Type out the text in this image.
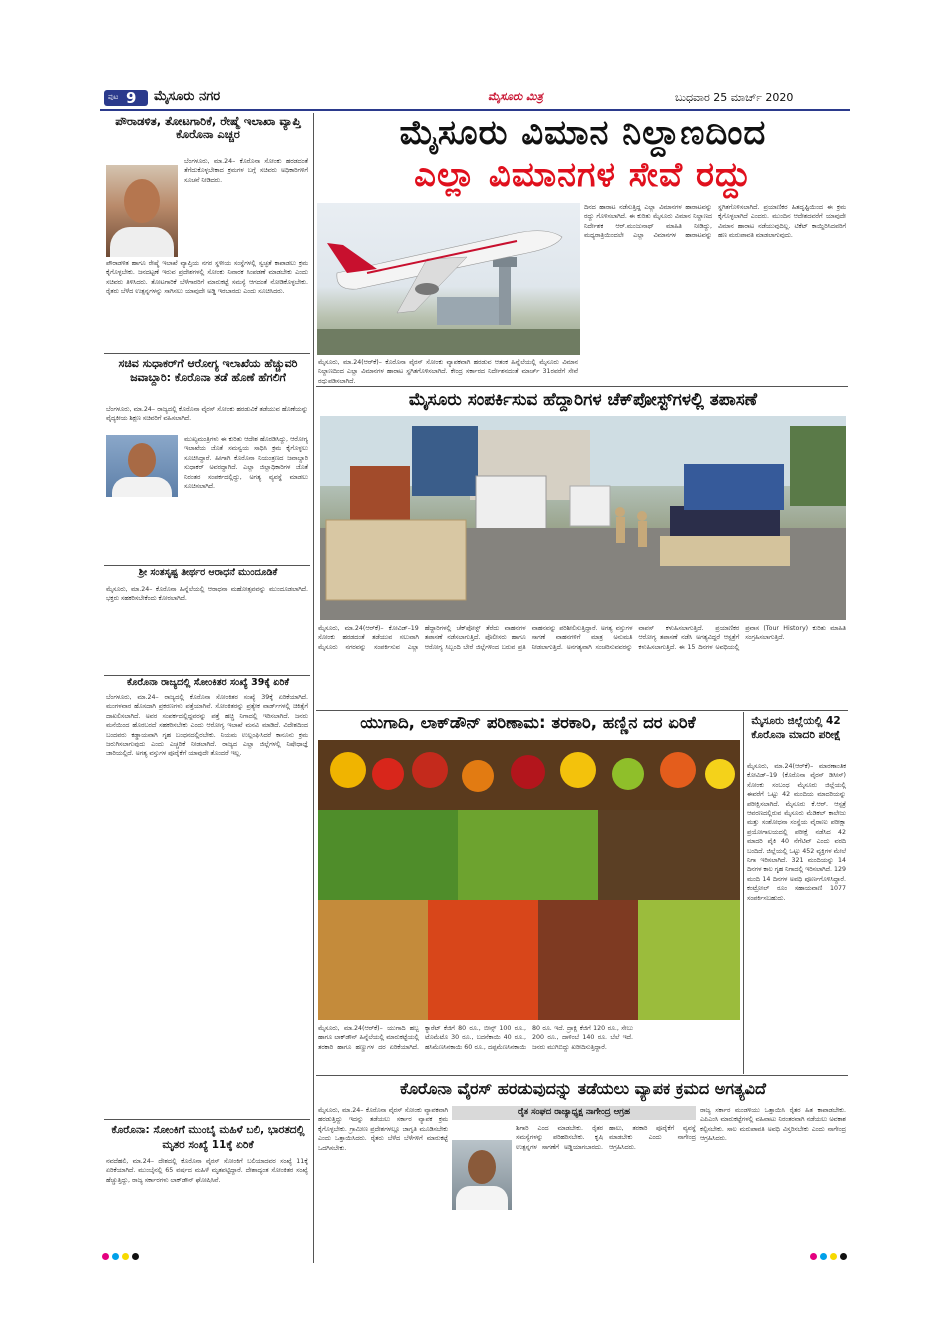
ಪುಟ 9 ಮೈಸೂರು ನಗರ	ಮೈಸೂರು ಮಿತ್ರ	ಬುಧವಾರ 25 ಮಾರ್ಚ್ 2020
ಪೌರಾಡಳಿತ, ತೋಟಗಾರಿಕೆ, ರೇಷ್ಮೆ ಇಲಾಖಾ ವ್ಯಾಪ್ತಿ ಕೊರೊನಾ ಎಚ್ಚರ
ಬೆಂಗಳೂರು, ಮಾ.24– ಕೊರೊನಾ ಸೋಂಕು ಹರಡದಂತೆ ತೆಗೆದುಕೊಳ್ಳಬೇಕಾದ ಕ್ರಮಗಳ ಬಗ್ಗೆ ಸಚಿವರು ಅಧಿಕಾರಿಗಳಿಗೆ ಸೂಚನೆ ನೀಡಿದರು.
ಪೌರಾಡಳಿತ ಹಾಗೂ ರೇಷ್ಮೆ ಇಲಾಖೆ ವ್ಯಾಪ್ತಿಯ ನಗರ ಸ್ಥಳೀಯ ಸಂಸ್ಥೆಗಳಲ್ಲಿ ಸ್ವಚ್ಛತೆ ಕಾಪಾಡಲು ಕ್ರಮ ಕೈಗೊಳ್ಳಬೇಕು. ಜನದಟ್ಟಣೆ ಇರುವ ಪ್ರದೇಶಗಳಲ್ಲಿ ಸೋಂಕು ನಿವಾರಕ ಸಿಂಪಡಣೆ ಮಾಡಬೇಕು ಎಂದು ಸಚಿವರು ತಿಳಿಸಿದರು. ತೋಟಗಾರಿಕೆ ಬೆಳೆಗಾರರಿಗೆ ಮಾರುಕಟ್ಟೆ ಸಮಸ್ಯೆ ಆಗದಂತೆ ನೋಡಿಕೊಳ್ಳಬೇಕು. ರೈತರು ಬೆಳೆದ ಉತ್ಪನ್ನಗಳನ್ನು ಸಾಗಿಸಲು ಯಾವುದೇ ಅಡ್ಡಿ ಇರಬಾರದು ಎಂದು ಸೂಚಿಸಿದರು.
ಸಚಿವ ಸುಧಾಕರ್‌ಗೆ ಆರೋಗ್ಯ ಇಲಾಖೆಯ ಹೆಚ್ಚುವರಿ ಜವಾಬ್ದಾರಿ: ಕೊರೊನಾ ತಡೆ ಹೊಣೆ ಹೆಗಲಿಗೆ
ಬೆಂಗಳೂರು, ಮಾ.24– ರಾಜ್ಯದಲ್ಲಿ ಕೊರೊನಾ ವೈರಸ್ ಸೋಂಕು ಹರಡುವಿಕೆ ತಡೆಯುವ ಹೊಣೆಯನ್ನು ವೈದ್ಯಕೀಯ ಶಿಕ್ಷಣ ಸಚಿವರಿಗೆ ವಹಿಸಲಾಗಿದೆ.
ಮುಖ್ಯಮಂತ್ರಿಗಳು ಈ ಕುರಿತು ಆದೇಶ ಹೊರಡಿಸಿದ್ದು, ಆರೋಗ್ಯ ಇಲಾಖೆಯ ಜೊತೆ ಸಮನ್ವಯ ಸಾಧಿಸಿ ಕ್ರಮ ಕೈಗೊಳ್ಳಲು ಸೂಚಿಸಿದ್ದಾರೆ. ಹೀಗಾಗಿ ಕೊರೊನಾ ನಿಯಂತ್ರಣದ ಜವಾಬ್ದಾರಿ ಸುಧಾಕರ್ ಅವರದ್ದಾಗಿದೆ. ಎಲ್ಲಾ ಜಿಲ್ಲಾಧಿಕಾರಿಗಳ ಜೊತೆ ನಿರಂತರ ಸಂಪರ್ಕದಲ್ಲಿದ್ದು, ಅಗತ್ಯ ವ್ಯವಸ್ಥೆ ಮಾಡಲು ಸೂಚಿಸಲಾಗಿದೆ.
ಶ್ರೀ ಸಂತಸೃಷ್ಟ ತೀರ್ಥರ ಆರಾಧನೆ ಮುಂದೂಡಿಕೆ
ಮೈಸೂರು, ಮಾ.24– ಕೊರೊನಾ ಹಿನ್ನೆಲೆಯಲ್ಲಿ ಆರಾಧನಾ ಮಹೋತ್ಸವವನ್ನು ಮುಂದೂಡಲಾಗಿದೆ. ಭಕ್ತರು ಸಹಕರಿಸಬೇಕೆಂದು ಕೋರಲಾಗಿದೆ.
ಕೊರೊನಾ ರಾಜ್ಯದಲ್ಲಿ ಸೋಂಕಿತರ ಸಂಖ್ಯೆ 39ಕ್ಕೆ ಏರಿಕೆ
ಬೆಂಗಳೂರು, ಮಾ.24– ರಾಜ್ಯದಲ್ಲಿ ಕೊರೊನಾ ಸೋಂಕಿತರ ಸಂಖ್ಯೆ 39ಕ್ಕೆ ಏರಿಕೆಯಾಗಿದೆ. ಮಂಗಳವಾರ ಹೊಸದಾಗಿ ಪ್ರಕರಣಗಳು ಪತ್ತೆಯಾಗಿವೆ. ಸೋಂಕಿತರನ್ನು ಪ್ರತ್ಯೇಕ ವಾರ್ಡ್‌ಗಳಲ್ಲಿ ಚಿಕಿತ್ಸೆಗೆ ದಾಖಲಿಸಲಾಗಿದೆ. ಅವರ ಸಂಪರ್ಕದಲ್ಲಿದ್ದವರನ್ನು ಪತ್ತೆ ಹಚ್ಚಿ ನಿಗಾದಲ್ಲಿ ಇರಿಸಲಾಗಿದೆ. ಜನರು ಮನೆಯಿಂದ ಹೊರಬರದೆ ಸಹಕರಿಸಬೇಕು ಎಂದು ಆರೋಗ್ಯ ಇಲಾಖೆ ಮನವಿ ಮಾಡಿದೆ. ವಿದೇಶದಿಂದ ಬಂದವರು ಕಡ್ಡಾಯವಾಗಿ ಗೃಹ ಬಂಧನದಲ್ಲಿರಬೇಕು. ನಿಯಮ ಉಲ್ಲಂಘಿಸಿದರೆ ಕಾನೂನು ಕ್ರಮ ಜರುಗಿಸಲಾಗುವುದು ಎಂದು ಎಚ್ಚರಿಕೆ ನೀಡಲಾಗಿದೆ. ರಾಜ್ಯದ ಎಲ್ಲಾ ಜಿಲ್ಲೆಗಳಲ್ಲಿ ನಿಷೇಧಾಜ್ಞೆ ಜಾರಿಯಲ್ಲಿದೆ. ಅಗತ್ಯ ವಸ್ತುಗಳ ಪೂರೈಕೆಗೆ ಯಾವುದೇ ತೊಂದರೆ ಇಲ್ಲ.
ಕೊರೊನಾ: ಸೋಂಕಿಗೆ ಮುಂಬೈ ಮಹಿಳೆ ಬಲಿ, ಭಾರತದಲ್ಲಿ ಮೃತರ ಸಂಖ್ಯೆ 11ಕ್ಕೆ ಏರಿಕೆ
ನವದೆಹಲಿ, ಮಾ.24– ದೇಶದಲ್ಲಿ ಕೊರೊನಾ ವೈರಸ್ ಸೋಂಕಿಗೆ ಬಲಿಯಾದವರ ಸಂಖ್ಯೆ 11ಕ್ಕೆ ಏರಿಕೆಯಾಗಿದೆ. ಮುಂಬೈನಲ್ಲಿ 65 ವರ್ಷದ ಮಹಿಳೆ ಮೃತಪಟ್ಟಿದ್ದಾರೆ. ದೇಶಾದ್ಯಂತ ಸೋಂಕಿತರ ಸಂಖ್ಯೆ ಹೆಚ್ಚುತ್ತಿದ್ದು, ರಾಜ್ಯ ಸರ್ಕಾರಗಳು ಲಾಕ್‌ಡೌನ್ ಘೋಷಿಸಿವೆ.
ಮೈಸೂರು ವಿಮಾನ ನಿಲ್ದಾಣದಿಂದ
ಎಲ್ಲಾ ವಿಮಾನಗಳ ಸೇವೆ ರದ್ದು
ಮೈಸೂರು, ಮಾ.24(ಆರ್‌ಕೆ)– ಕೊರೊನಾ ವೈರಸ್ ಸೋಂಕು ವ್ಯಾಪಕವಾಗಿ ಹರಡುವ ಆತಂಕ ಹಿನ್ನೆಲೆಯಲ್ಲಿ ಮೈಸೂರು ವಿಮಾನ ನಿಲ್ದಾಣದಿಂದ ಎಲ್ಲಾ ವಿಮಾನಗಳ ಹಾರಾಟ ಸ್ಥಗಿತಗೊಳಿಸಲಾಗಿದೆ. ಕೇಂದ್ರ ಸರ್ಕಾರದ ನಿರ್ದೇಶನದಂತೆ ಮಾರ್ಚ್ 31ರವರೆಗೆ ಸೇವೆ ರದ್ದುಪಡಿಸಲಾಗಿದೆ.
ದಿನದ ಹಾರಾಟ ನಡೆಸುತ್ತಿದ್ದ ಎಲ್ಲಾ ವಿಮಾನಗಳ ಹಾರಾಟವನ್ನು ರದ್ದು ಗೊಳಿಸಲಾಗಿದೆ. ಈ ಕುರಿತು ಮೈಸೂರು ವಿಮಾನ ನಿಲ್ದಾಣದ ನಿರ್ದೇಶಕ ಆರ್.ಮಂಜುನಾಥ್ ಮಾಹಿತಿ ನೀಡಿದ್ದು, ಮಧ್ಯರಾತ್ರಿಯಿಂದಲೇ ಎಲ್ಲಾ ವಿಮಾನಗಳ ಹಾರಾಟವನ್ನು ಸ್ಥಗಿತಗೊಳಿಸಲಾಗಿದೆ. ಪ್ರಯಾಣಿಕರ ಹಿತದೃಷ್ಟಿಯಿಂದ ಈ ಕ್ರಮ ಕೈಗೊಳ್ಳಲಾಗಿದೆ ಎಂದರು. ಮುಂದಿನ ಆದೇಶದವರೆಗೆ ಯಾವುದೇ ವಿಮಾನ ಹಾರಾಟ ನಡೆಯುವುದಿಲ್ಲ. ಟಿಕೆಟ್ ಕಾಯ್ದಿರಿಸಿದವರಿಗೆ ಹಣ ಮರುಪಾವತಿ ಮಾಡಲಾಗುವುದು.
ಮೈಸೂರು ಸಂಪರ್ಕಿಸುವ ಹೆದ್ದಾರಿಗಳ ಚೆಕ್‌ಪೋಸ್ಟ್‌ಗಳಲ್ಲಿ ತಪಾಸಣೆ
ಮೈಸೂರು, ಮಾ.24(ಆರ್‌ಕೆ)– ಕೋವಿಡ್–19 ಸೋಂಕು ಹರಡದಂತೆ ತಡೆಯುವ ಸಲುವಾಗಿ ಮೈಸೂರು ನಗರವನ್ನು ಸಂಪರ್ಕಿಸುವ ಎಲ್ಲಾ ಹೆದ್ದಾರಿಗಳಲ್ಲಿ ಚೆಕ್‌ಪೋಸ್ಟ್ ತೆರೆದು ವಾಹನಗಳ ತಪಾಸಣೆ ನಡೆಸಲಾಗುತ್ತಿದೆ. ಪೊಲೀಸರು ಹಾಗೂ ಆರೋಗ್ಯ ಸಿಬ್ಬಂದಿ ಬೇರೆ ಜಿಲ್ಲೆಗಳಿಂದ ಬರುವ ಪ್ರತಿ ವಾಹನವನ್ನು ಪರಿಶೀಲಿಸುತ್ತಿದ್ದಾರೆ. ಅಗತ್ಯ ವಸ್ತುಗಳ ಸಾಗಣೆ ವಾಹನಗಳಿಗೆ ಮಾತ್ರ ಅನುಮತಿ ನೀಡಲಾಗುತ್ತಿದೆ. ಅನಗತ್ಯವಾಗಿ ಸಂಚರಿಸುವವರನ್ನು ವಾಪಸ್ ಕಳುಹಿಸಲಾಗುತ್ತಿದೆ. ಪ್ರಯಾಣಿಕರ ಆರೋಗ್ಯ ತಪಾಸಣೆ ನಡೆಸಿ ಅಗತ್ಯವಿದ್ದರೆ ಆಸ್ಪತ್ರೆಗೆ ಕಳುಹಿಸಲಾಗುತ್ತಿದೆ. ಈ 15 ದಿನಗಳ ಅವಧಿಯಲ್ಲಿ ಪ್ರವಾಸ (Tour History) ಕುರಿತು ಮಾಹಿತಿ ಸಂಗ್ರಹಿಸಲಾಗುತ್ತಿದೆ.
ಯುಗಾದಿ, ಲಾಕ್‌ಡೌನ್ ಪರಿಣಾಮ: ತರಕಾರಿ, ಹಣ್ಣಿನ ದರ ಏರಿಕೆ
ಮೈಸೂರು, ಮಾ.24(ಆರ್‌ಕೆ)– ಯುಗಾದಿ ಹಬ್ಬ ಹಾಗೂ ಲಾಕ್‌ಡೌನ್ ಹಿನ್ನೆಲೆಯಲ್ಲಿ ಮಾರುಕಟ್ಟೆಯಲ್ಲಿ ತರಕಾರಿ ಹಾಗೂ ಹಣ್ಣುಗಳ ದರ ಏರಿಕೆಯಾಗಿದೆ. ಕ್ಯಾರೆಟ್ ಕೆಜಿಗೆ 80 ರೂ., ಬೀನ್ಸ್ 100 ರೂ., ಟೊಮೆಟೊ 30 ರೂ., ಬದನೆಕಾಯಿ 40 ರೂ., ಹಸಿಮೆಣಸಿನಕಾಯಿ 60 ರೂ., ದಪ್ಪಮೆಣಸಿನಕಾಯಿ 80 ರೂ. ಇದೆ. ದ್ರಾಕ್ಷಿ ಕೆಜಿಗೆ 120 ರೂ., ಸೇಬು 200 ರೂ., ದಾಳಿಂಬೆ 140 ರೂ. ಬೆಲೆ ಇದೆ. ಜನರು ಮುಗಿಬಿದ್ದು ಖರೀದಿಸುತ್ತಿದ್ದಾರೆ.
ಮೈಸೂರು ಜಿಲ್ಲೆಯಲ್ಲಿ 42 ಕೊರೊನಾ ಮಾದರಿ ಪರೀಕ್ಷೆ
ಮೈಸೂರು, ಮಾ.24(ಆರ್‌ಕೆ)– ಮಾರಣಾಂತಿಕ ಕೋವಿಡ್–19 (ಕೊರೊನಾ ವೈರಸ್ ಡಿಸೀಸ್) ಸೋಂಕು ಸಂಬಂಧ ಮೈಸೂರು ಜಿಲ್ಲೆಯಲ್ಲಿ ಈವರೆಗೆ ಒಟ್ಟು 42 ಮಂದಿಯ ಮಾದರಿಯನ್ನು ಪರೀಕ್ಷಿಸಲಾಗಿದೆ. ಮೈಸೂರು ಕೆ.ಆರ್. ಆಸ್ಪತ್ರೆ ಆವರಣದಲ್ಲಿರುವ ಮೈಸೂರು ಮೆಡಿಕಲ್ ಕಾಲೇಜು ಮತ್ತು ಸಂಶೋಧನಾ ಸಂಸ್ಥೆಯ ವೈರಾಣು ಪರೀಕ್ಷಾ ಪ್ರಯೋಗಾಲಯದಲ್ಲಿ ಪರೀಕ್ಷೆ ನಡೆಸಿದ 42 ಮಾದರಿ ಪೈಕಿ 40 ನೆಗೆಟಿವ್ ಎಂದು ವರದಿ ಬಂದಿದೆ. ಜಿಲ್ಲೆಯಲ್ಲಿ ಒಟ್ಟು 452 ವ್ಯಕ್ತಿಗಳ ಮೇಲೆ ನಿಗಾ ಇರಿಸಲಾಗಿದೆ. 321 ಮಂದಿಯನ್ನು 14 ದಿನಗಳ ಕಾಲ ಗೃಹ ನಿಗಾದಲ್ಲಿ ಇರಿಸಲಾಗಿದೆ. 129 ಮಂದಿ 14 ದಿನಗಳ ಅವಧಿ ಪೂರ್ಣಗೊಳಿಸಿದ್ದಾರೆ. ಕಂಟ್ರೋಲ್ ರೂಂ ಸಹಾಯವಾಣಿ 1077 ಸಂಪರ್ಕಿಸಬಹುದು.
ಕೊರೊನಾ ವೈರಸ್ ಹರಡುವುದನ್ನು ತಡೆಯಲು ವ್ಯಾಪಕ ಕ್ರಮದ ಅಗತ್ಯವಿದೆ
ಮೈಸೂರು, ಮಾ.24– ಕೊರೊನಾ ವೈರಸ್ ಸೋಂಕು ವ್ಯಾಪಕವಾಗಿ ಹರಡುತ್ತಿದ್ದು ಇದನ್ನು ತಡೆಯಲು ಸರ್ಕಾರ ವ್ಯಾಪಕ ಕ್ರಮ ಕೈಗೊಳ್ಳಬೇಕು. ಗ್ರಾಮೀಣ ಪ್ರದೇಶಗಳಲ್ಲೂ ಜಾಗೃತಿ ಮೂಡಿಸಬೇಕು ಎಂದು ಒತ್ತಾಯಿಸಿದರು. ರೈತರು ಬೆಳೆದ ಬೆಳೆಗಳಿಗೆ ಮಾರುಕಟ್ಟೆ ಒದಗಿಸಬೇಕು.
ರೈತ ಸಂಘದ ರಾಜ್ಯಾಧ್ಯಕ್ಷ ನಾಗೇಂದ್ರ ಆಗ್ರಹ
ಶಿಗಾರಿ ಎಂದ ಮಾಡಬೇಕು. ರೈತರ ಸಮಸ್ಯೆಗಳನ್ನು ಪರಿಹರಿಸಬೇಕು. ಕೃಷಿ ಉತ್ಪನ್ನಗಳ ಸಾಗಣೆಗೆ ಅಡ್ಡಿಯಾಗಬಾರದು. ಹಾಲು, ತರಕಾರಿ ಪೂರೈಕೆಗೆ ವ್ಯವಸ್ಥೆ ಮಾಡಬೇಕು ಎಂದು ನಾಗೇಂದ್ರ ಆಗ್ರಹಿಸಿದರು.
ರಾಜ್ಯ ಸರ್ಕಾರ ಮಂಡಳಿಯು ಒತ್ತಾಯಿಸಿ ರೈತರ ಹಿತ ಕಾಪಾಡಬೇಕು. ಎಪಿಎಂಸಿ ಮಾರುಕಟ್ಟೆಗಳಲ್ಲಿ ವಹಿವಾಟು ನಿರಂತರವಾಗಿ ನಡೆಯಲು ಅವಕಾಶ ಕಲ್ಪಿಸಬೇಕು. ಸಾಲ ಮರುಪಾವತಿ ಅವಧಿ ವಿಸ್ತರಿಸಬೇಕು ಎಂದು ನಾಗೇಂದ್ರ ಆಗ್ರಹಿಸಿದರು.
